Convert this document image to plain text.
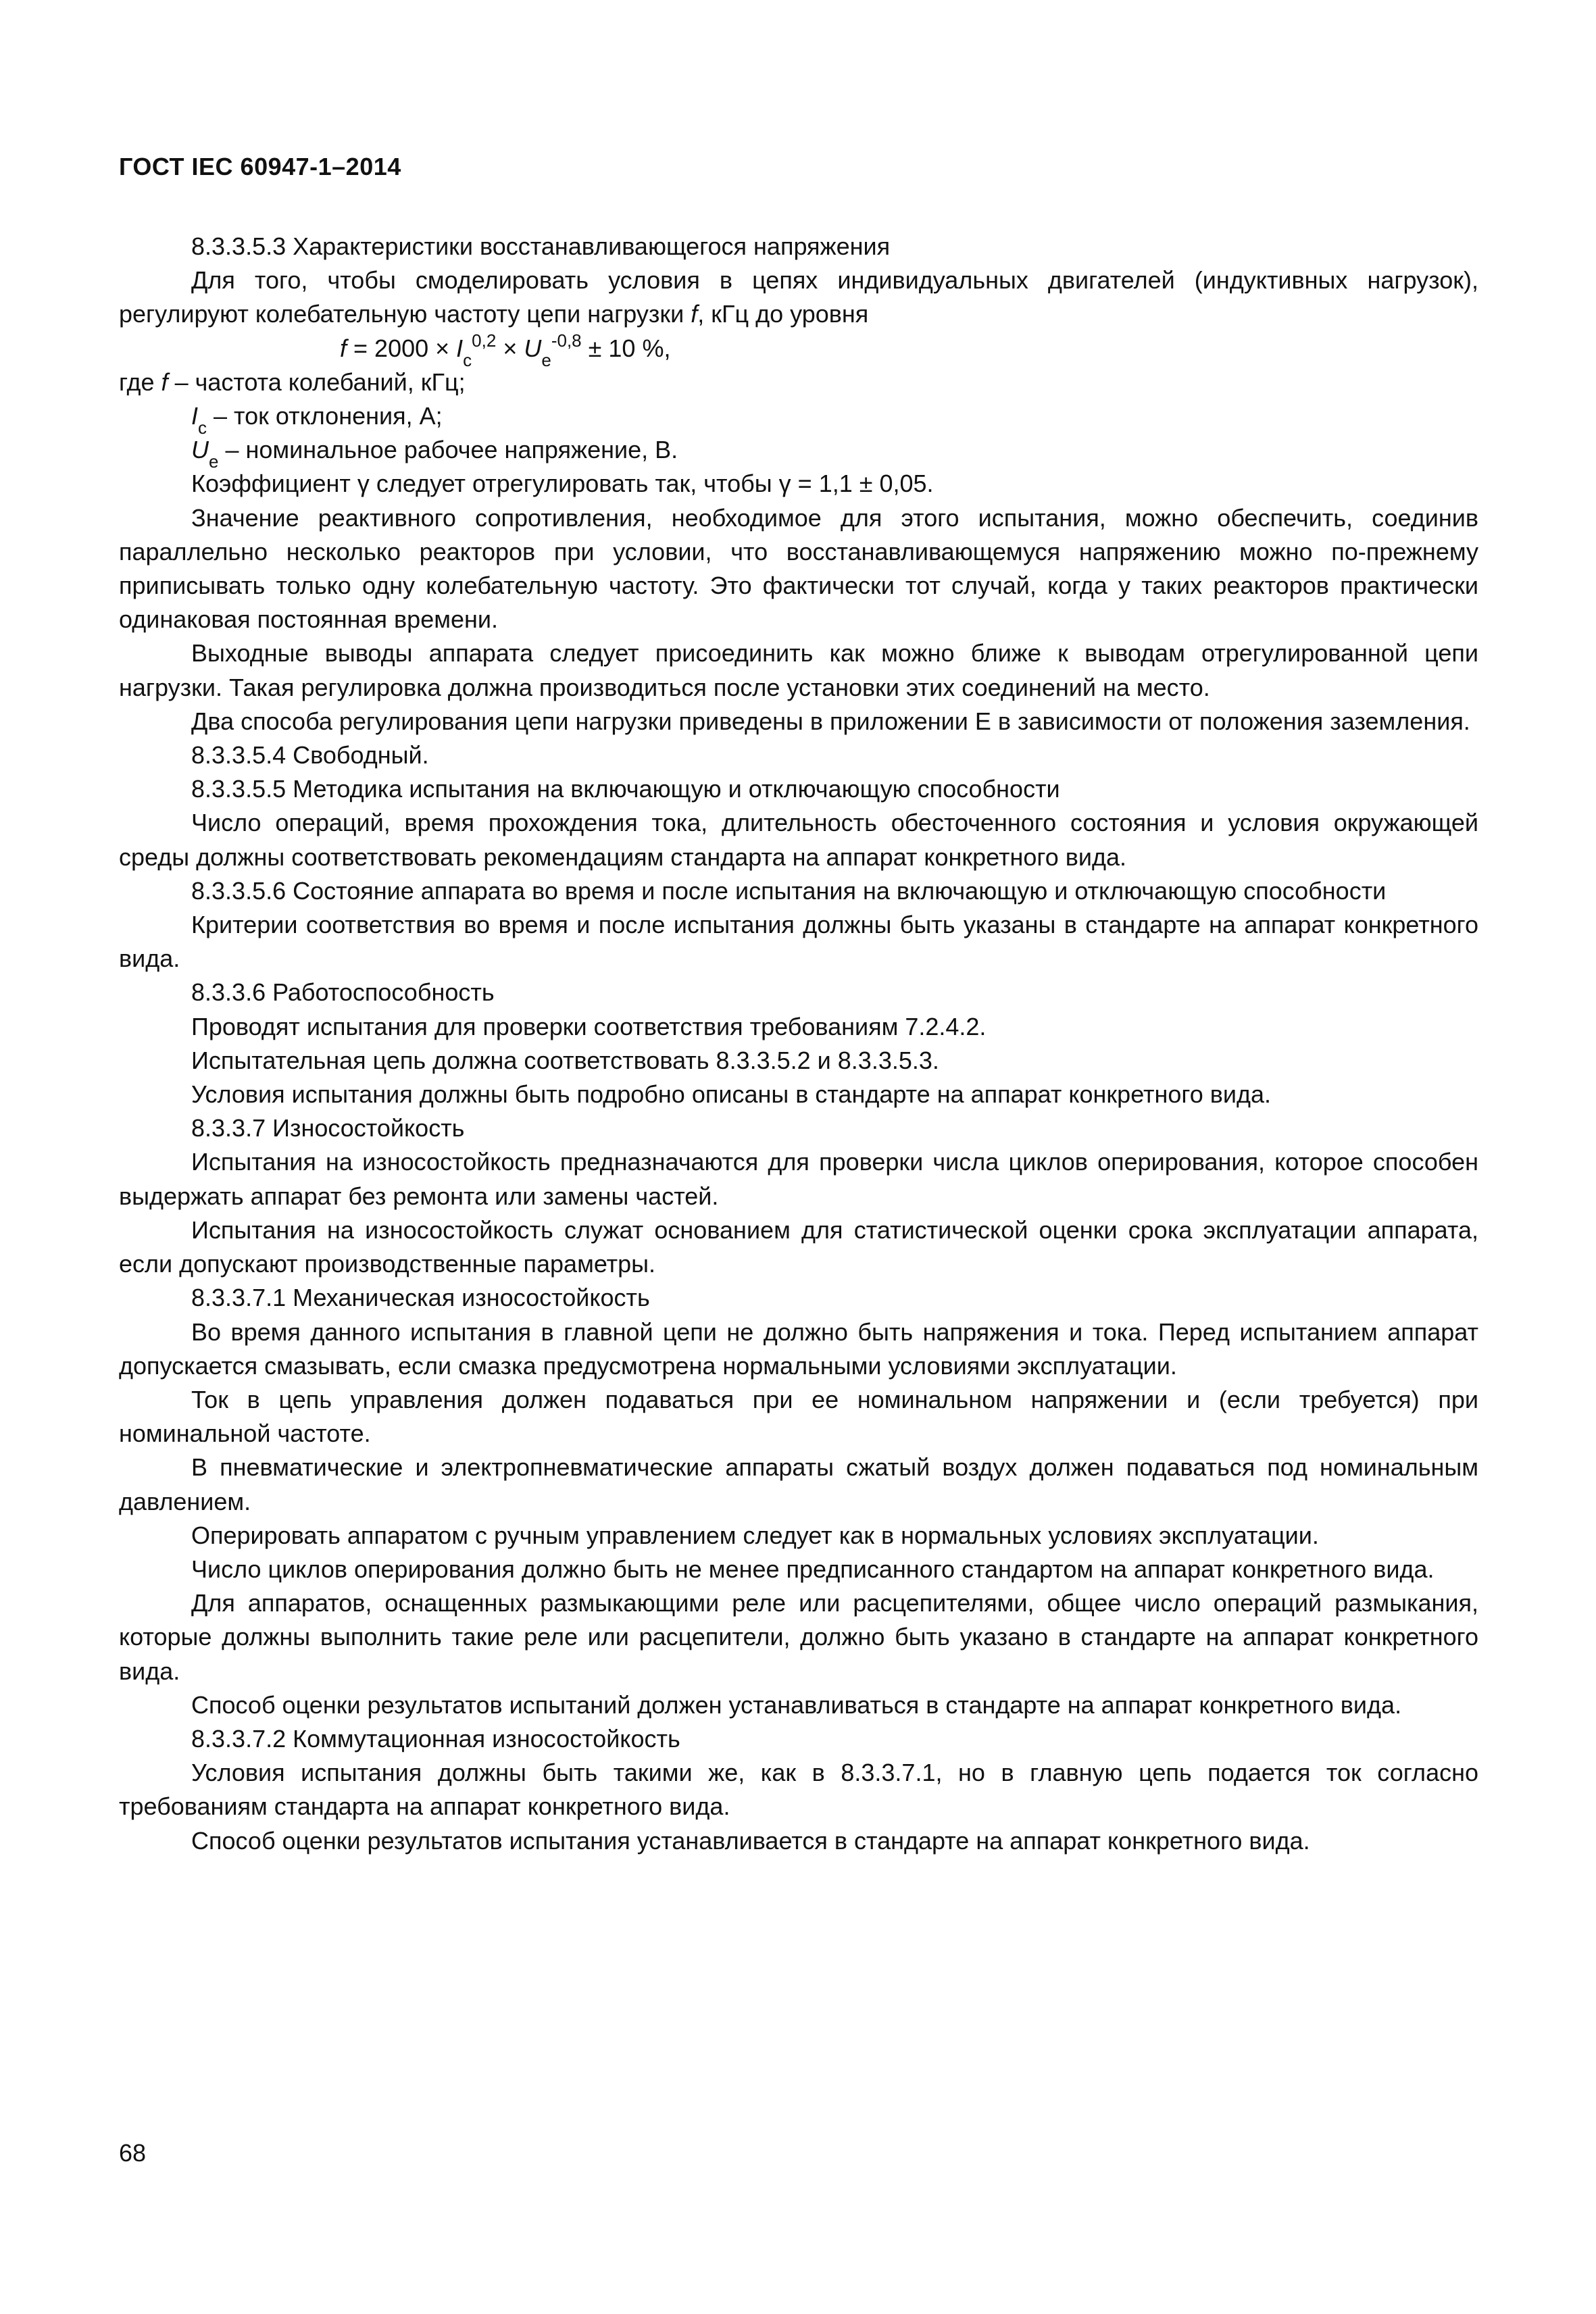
ГОСТ IEC 60947-1–2014

8.3.3.5.3 Характеристики восстанавливающегося напряжения

Для того, чтобы смоделировать условия в цепях индивидуальных двигателей (индуктивных нагрузок), регулируют колебательную частоту цепи нагрузки f, кГц до уровня

$f = 2000 \times I_c^{0,2} \times U_e^{-0,8} \pm 10$ %,

где f – частота колебаний, кГц;

$I_c$ – ток отклонения, А;

$U_e$ – номинальное рабочее напряжение, В.

Коэффициент γ следует отрегулировать так, чтобы γ = 1,1 ± 0,05.

Значение реактивного сопротивления, необходимое для этого испытания, можно обеспечить, соединив параллельно несколько реакторов при условии, что восстанавливающемуся напряжению можно по-прежнему приписывать только одну колебательную частоту. Это фактически тот случай, когда у таких реакторов практически одинаковая постоянная времени.

Выходные выводы аппарата следует присоединить как можно ближе к выводам отрегулированной цепи нагрузки. Такая регулировка должна производиться после установки этих соединений на место.

Два способа регулирования цепи нагрузки приведены в приложении Е в зависимости от положения заземления.

8.3.3.5.4 Свободный.

8.3.3.5.5 Методика испытания на включающую и отключающую способности

Число операций, время прохождения тока, длительность обесточенного состояния и условия окружающей среды должны соответствовать рекомендациям стандарта на аппарат конкретного вида.

8.3.3.5.6 Состояние аппарата во время и после испытания на включающую и отключающую способности

Критерии соответствия во время и после испытания должны быть указаны в стандарте на аппарат конкретного вида.

8.3.3.6 Работоспособность

Проводят испытания для проверки соответствия требованиям 7.2.4.2.

Испытательная цепь должна соответствовать 8.3.3.5.2 и 8.3.3.5.3.

Условия испытания должны быть подробно описаны в стандарте на аппарат конкретного вида.

8.3.3.7 Износостойкость

Испытания на износостойкость предназначаются для проверки числа циклов оперирования, которое способен выдержать аппарат без ремонта или замены частей.

Испытания на износостойкость служат основанием для статистической оценки срока эксплуатации аппарата, если допускают производственные параметры.

8.3.3.7.1 Механическая износостойкость

Во время данного испытания в главной цепи не должно быть напряжения и тока. Перед испытанием аппарат допускается смазывать, если смазка предусмотрена нормальными условиями эксплуатации.

Ток в цепь управления должен подаваться при ее номинальном напряжении и (если требуется) при номинальной частоте.

В пневматические и электропневматические аппараты сжатый воздух должен подаваться под номинальным давлением.

Оперировать аппаратом с ручным управлением следует как в нормальных условиях эксплуатации.

Число циклов оперирования должно быть не менее предписанного стандартом на аппарат конкретного вида.

Для аппаратов, оснащенных размыкающими реле или расцепителями, общее число операций размыкания, которые должны выполнить такие реле или расцепители, должно быть указано в стандарте на аппарат конкретного вида.

Способ оценки результатов испытаний должен устанавливаться в стандарте на аппарат конкретного вида.

8.3.3.7.2 Коммутационная износостойкость

Условия испытания должны быть такими же, как в 8.3.3.7.1, но в главную цепь подается ток согласно требованиям стандарта на аппарат конкретного вида.

Способ оценки результатов испытания устанавливается в стандарте на аппарат конкретного вида.

68
